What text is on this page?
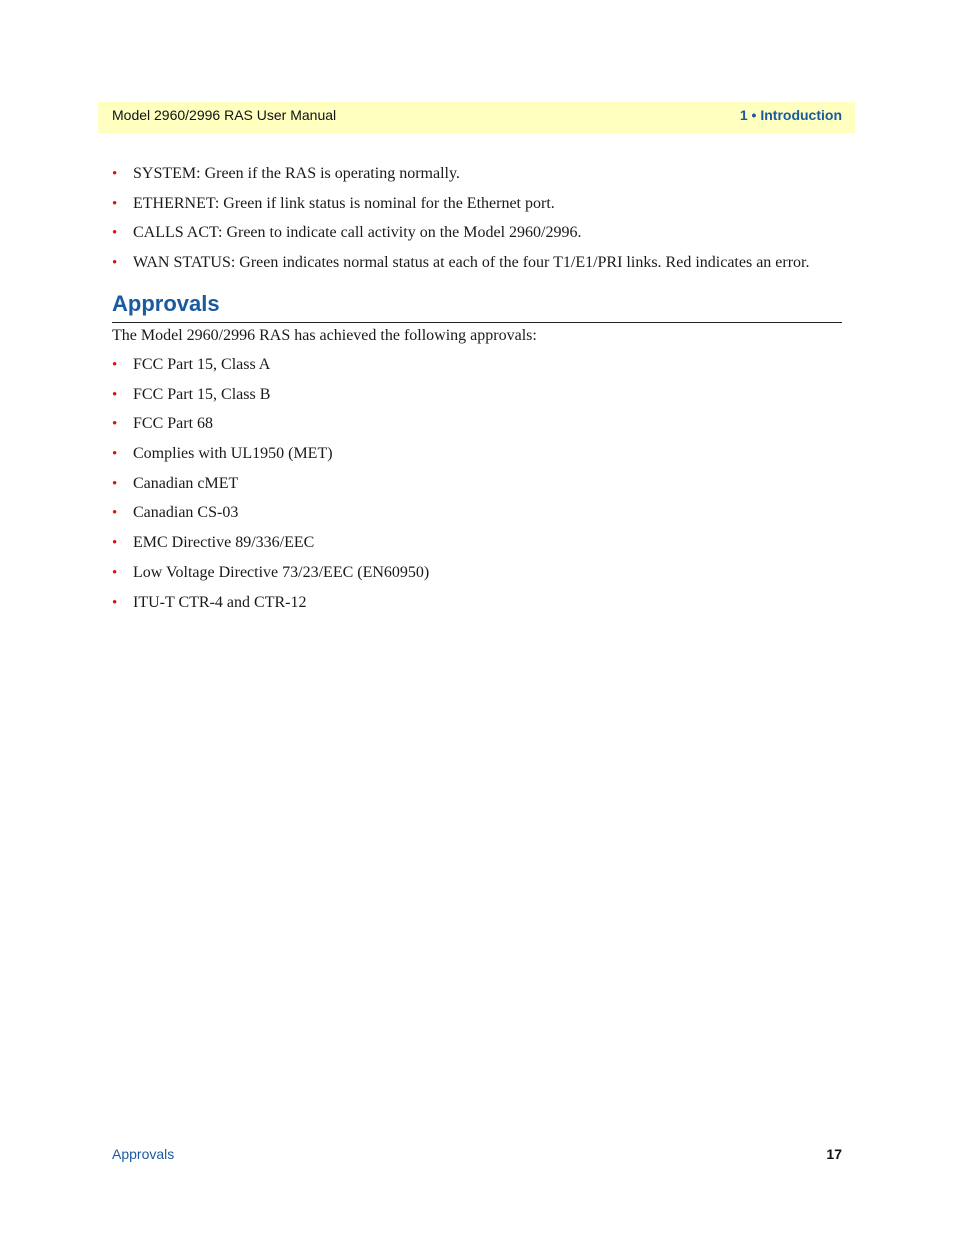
Model 2960/2996 RAS User Manual	1 • Introduction
• SYSTEM: Green if the RAS is operating normally.
• ETHERNET: Green if link status is nominal for the Ethernet port.
• CALLS ACT: Green to indicate call activity on the Model 2960/2996.
• WAN STATUS: Green indicates normal status at each of the four T1/E1/PRI links. Red indicates an error.
Approvals
The Model 2960/2996 RAS has achieved the following approvals:
• FCC Part 15, Class A
• FCC Part 15, Class B
• FCC Part 68
• Complies with UL1950 (MET)
• Canadian cMET
• Canadian CS-03
• EMC Directive 89/336/EEC
• Low Voltage Directive 73/23/EEC (EN60950)
• ITU-T CTR-4 and CTR-12
Approvals	17
